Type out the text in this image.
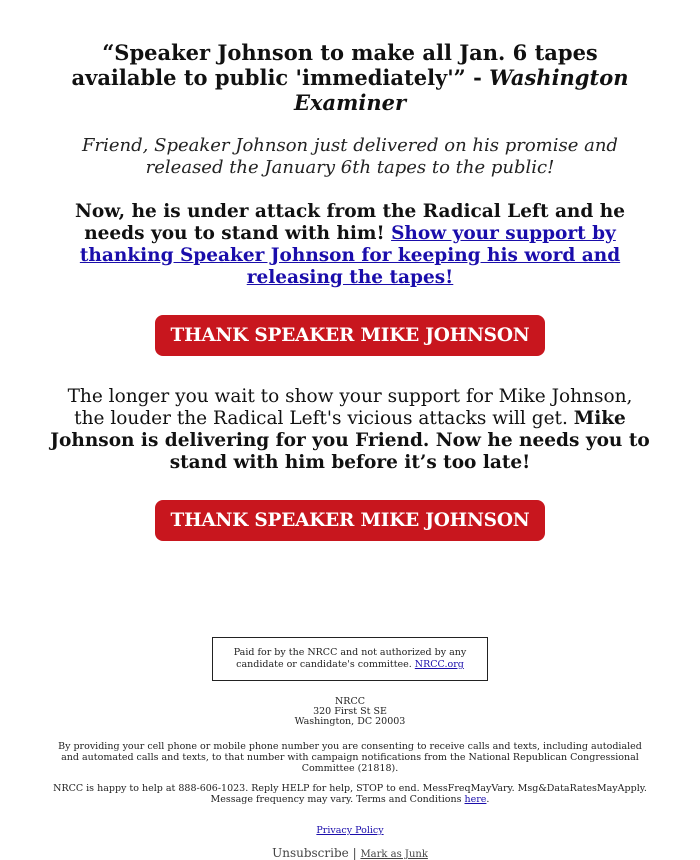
“Speaker Johnson to make all Jan. 6 tapes available to public 'immediately'” - Washington Examiner

Friend, Speaker Johnson just delivered on his promise and released the January 6th tapes to the public!

Now, he is under attack from the Radical Left and he needs you to stand with him! Show your support by thanking Speaker Johnson for keeping his word and releasing the tapes!

THANK SPEAKER MIKE JOHNSON

The longer you wait to show your support for Mike Johnson, the louder the Radical Left's vicious attacks will get. Mike Johnson is delivering for you Friend. Now he needs you to stand with him before it’s too late!

THANK SPEAKER MIKE JOHNSON
Paid for by the NRCC and not authorized by any candidate or candidate's committee. NRCC.org
NRCC
320 First St SE
Washington, DC 20003

By providing your cell phone or mobile phone number you are consenting to receive calls and texts, including autodialed and automated calls and texts, to that number with campaign notifications from the National Republican Congressional Committee (21818).

NRCC is happy to help at 888-606-1023. Reply HELP for help, STOP to end. MessFreqMayVary. Msg&DataRatesMayApply. Message frequency may vary. Terms and Conditions here.

Privacy Policy
Unsubscribe | Mark as Junk
